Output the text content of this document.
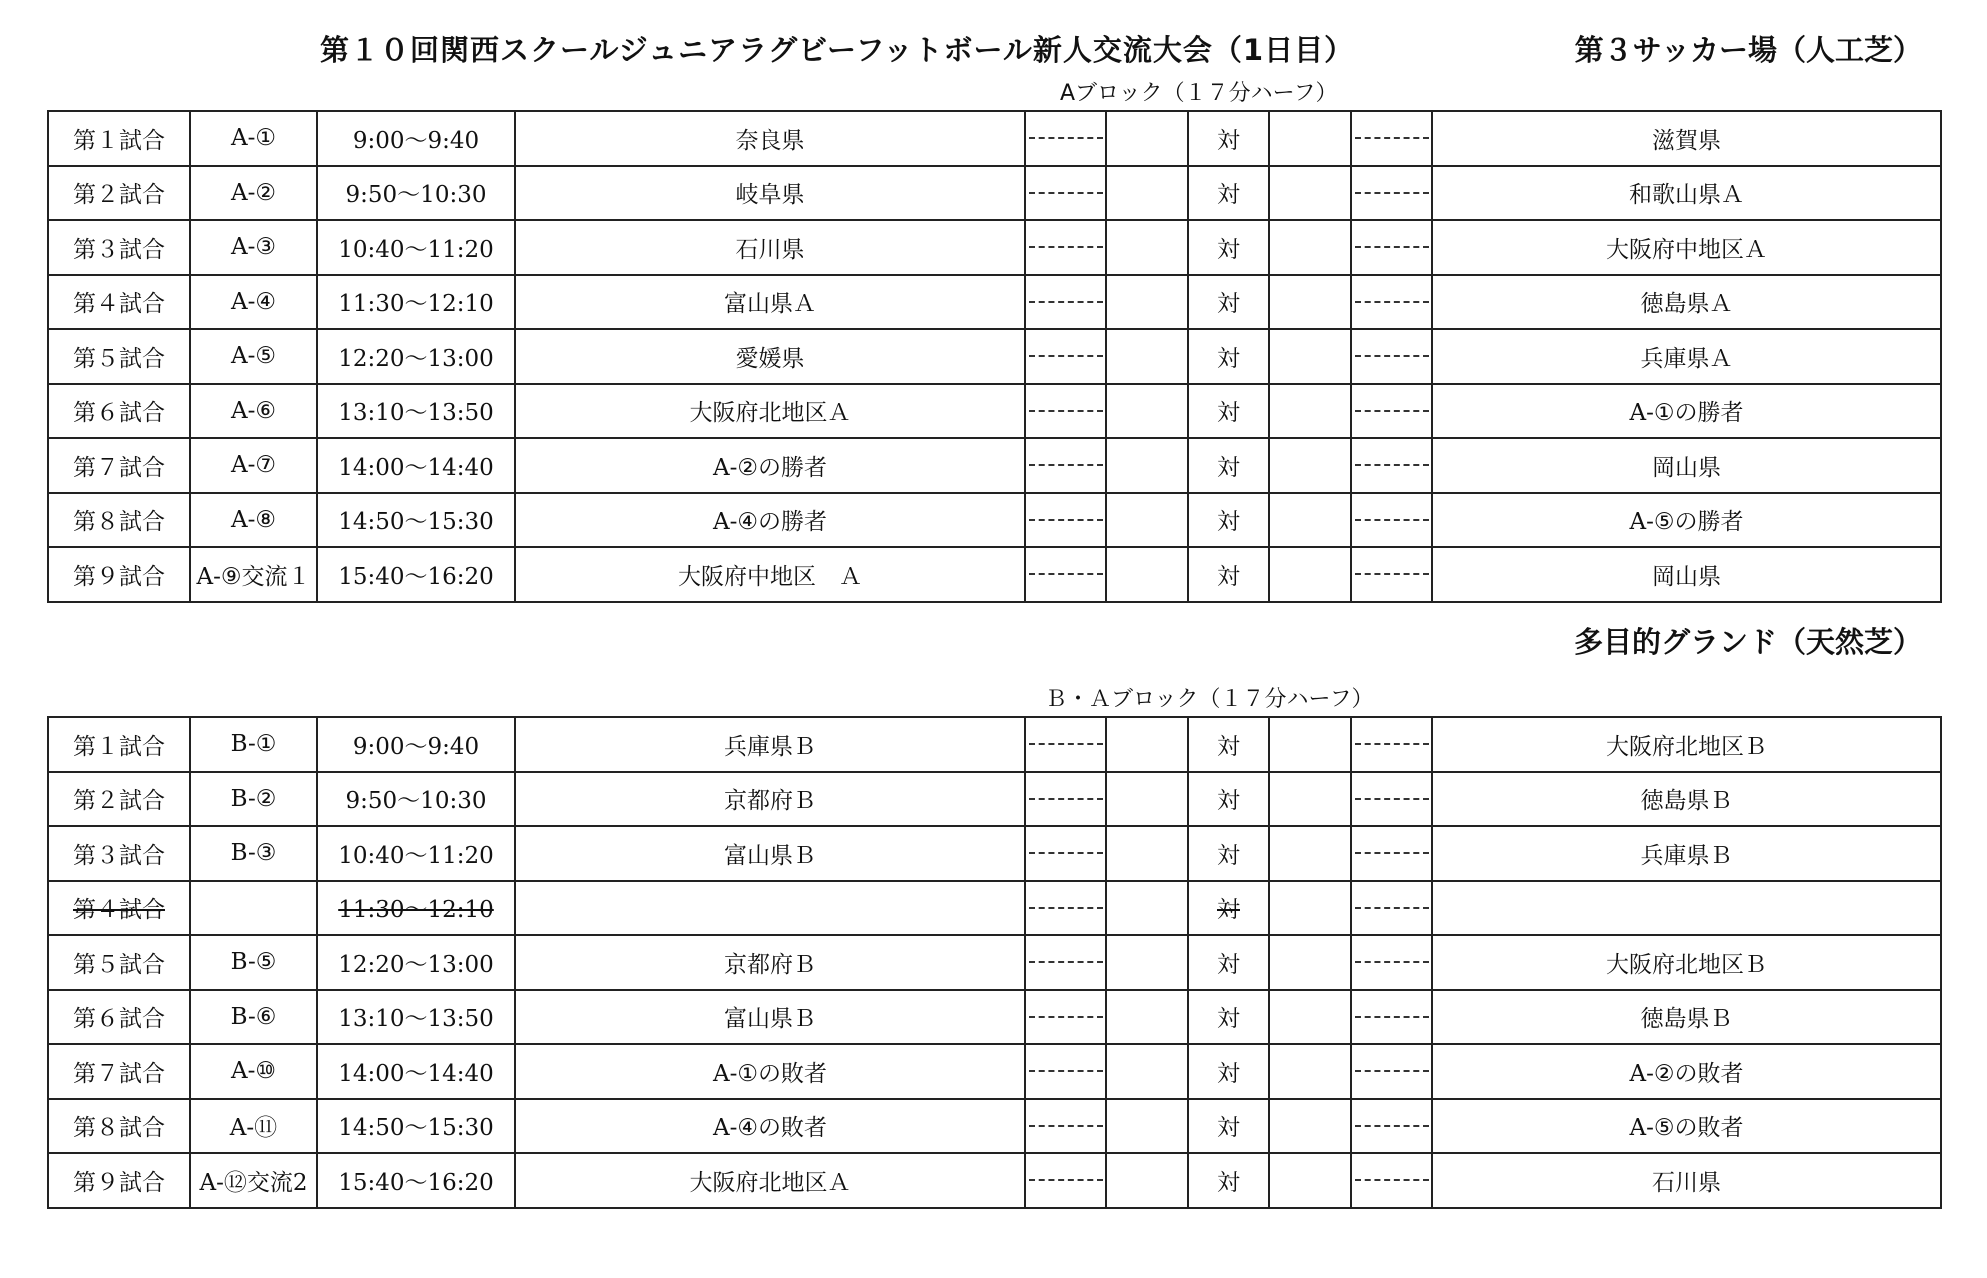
第１０回関西スクールジュニアラグビーフットボール新人交流大会（1日目）	第３サッカー場（人工芝）
Aブロック（１７分ハーフ）
第１試合	A-①	9:00〜9:40	奈良県			対			滋賀県
第２試合	A-②	9:50〜10:30	岐阜県			対			和歌山県Ａ
第３試合	A-③	10:40〜11:20	石川県			対			大阪府中地区Ａ
第４試合	A-④	11:30〜12:10	富山県Ａ			対			徳島県Ａ
第５試合	A-⑤	12:20〜13:00	愛媛県			対			兵庫県Ａ
第６試合	A-⑥	13:10〜13:50	大阪府北地区Ａ			対			A-①の勝者
第７試合	A-⑦	14:00〜14:40	A-②の勝者			対			岡山県
第８試合	A-⑧	14:50〜15:30	A-④の勝者			対			A-⑤の勝者
第９試合	A-⑨交流１	15:40〜16:20	大阪府中地区　Ａ			対			岡山県
多目的グランド（天然芝）
Ｂ・Ａブロック（１７分ハーフ）
第１試合	B-①	9:00〜9:40	兵庫県Ｂ			対			大阪府北地区Ｂ
第２試合	B-②	9:50〜10:30	京都府Ｂ			対			徳島県Ｂ
第３試合	B-③	10:40〜11:20	富山県Ｂ			対			兵庫県Ｂ
第４試合		11:30〜12:10				対		

第５試合	B-⑤	12:20〜13:00	京都府Ｂ			対			大阪府北地区Ｂ
第６試合	B-⑥	13:10〜13:50	富山県Ｂ			対			徳島県Ｂ
第７試合	A-⑩	14:00〜14:40	A-①の敗者			対			A-②の敗者
第８試合	A-⑪	14:50〜15:30	A-④の敗者			対			A-⑤の敗者
第９試合	A-⑫交流2	15:40〜16:20	大阪府北地区Ａ			対			石川県
